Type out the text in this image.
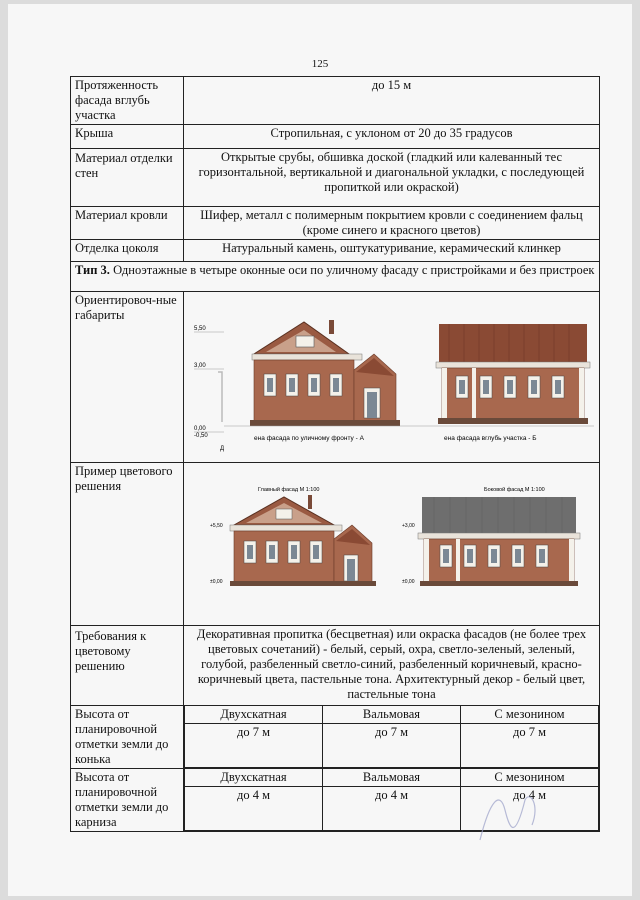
125
Протяженность фасада вглубь участка	до 15 м
Крыша	Стропильная, с уклоном от 20 до 35 градусов
Материал отделки стен	Открытые срубы, обшивка доской (гладкий или калеванный тес горизонтальной, вертикальной и диагональной укладки, с последующей пропиткой или окраской)
Материал кровли	Шифер, металл с полимерным покрытием кровли с соединением фальц (кроме синего и красного цветов)
Отделка цоколя	Натуральный камень, оштукатуривание, керамический клинкер
Тип 3. Одноэтажные в четыре оконные оси по уличному фасаду с пристройками и без пристроек
Ориентировоч-ные габариты	
5,50
3,00
0,00
-0,50
Д
ена фасада по уличному фронту - А	ена фасада вглубь участка - Б

Пример цветового решения	Главный фасад М 1:100	Боковой фасад М 1:100
+5,50
±0,00
+3,00
±0,00

Требования к цветовому решению	Декоративная пропитка (бесцветная) или окраска фасадов (не более трех цветовых сочетаний) - белый, серый, охра, светло-зеленый, зеленый, голубой, разбеленный светло-синий, разбеленный коричневый, красно- коричневый цвета, пастельные тона. Архитектурный декор - белый цвет, пастельные тона
Высота от планировочной отметки земли до конька	
Двухскатная	Вальмовая	С мезонином
до 7 м	до 7 м	до 7 м

Высота от планировочной отметки земли до карниза	
Двухскатная	Вальмовая	С мезонином
до 4 м	до 4 м	до 4 м
